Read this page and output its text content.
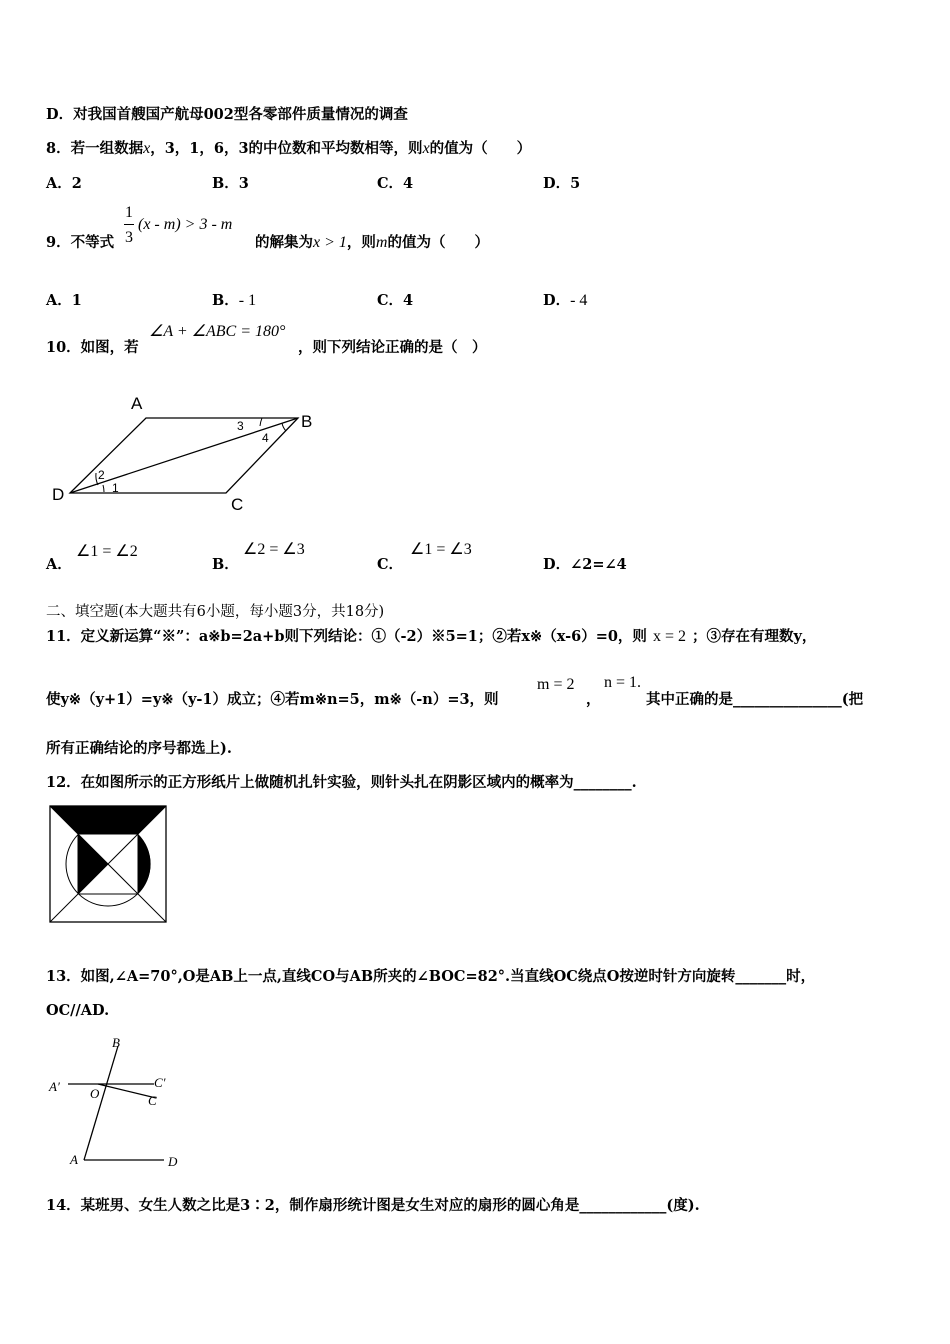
D．对我国首艘国产航母002型各零部件质量情况的调查
8．若一组数据x，3，1，6，3的中位数和平均数相等，则x的值为（　　）
A．2	B．3	C．4	D．5
9．不等式
1
3
(x - m) > 3 - m
的解集为x > 1，则m的值为（　　）
A．1	B．- 1	C．4	D．- 4
10．如图，若
∠A + ∠ABC = 180°
，则下列结论正确的是（　）
A
B
C
D	1
2
3
4
A．
∠1 = ∠2
B．
∠2 = ∠3
C．
∠1 = ∠3
D．∠2=∠4
二、填空题(本大题共有6小题，每小题3分，共18分)
11．定义新运算“※”：a※b=2a+b则下列结论：①（-2）※5=1；②若x※（x-6）=0，则 x = 2 ；③存在有理数y，
使y※（y+1）=y※（y-1）成立；④若m※n=5，m※（-n）=3，则
m = 2
，
n = 1.
其中正确的是_______________(把
所有正确结论的序号都选上).
12．在如图所示的正方形纸片上做随机扎针实验，则针头扎在阴影区域内的概率为________.
13．如图,∠A=70°,O是AB上一点,直线CO与AB所夹的∠BOC=82°.当直线OC绕点O按逆时针方向旋转_______时，
OC//AD.
B
A′ O
C′
C
A	D
14．某班男、女生人数之比是3∶2，制作扇形统计图是女生对应的扇形的圆心角是____________(度).
